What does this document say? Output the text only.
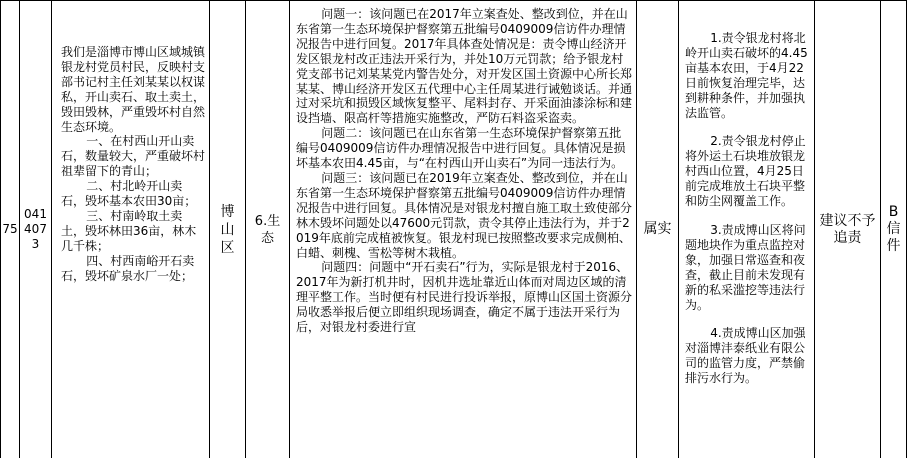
75
0414073

我们是淄博市博山区域城镇银龙村党员村民，反映村支部书记村主任刘某某以权谋私，开山卖石、取土卖土，毁田毁林，严重毁坏村自然生态环境。

一、在村西山开山卖石，数量较大，严重破坏村祖辈留下的青山；

二、村北岭开山卖石，毁坏基本农田30亩；

三、村南岭取土卖土，毁坏林田36亩，林木几千株；

四、村西南峪开石卖石，毁坏矿泉水厂一处；

博山区
6.生态

问题一：该问题已在2017年立案查处、整改到位，并在山东省第一生态环境保护督察第五批编号0409009信访件办理情况报告中进行回复。2017年具体查处情况是：责令博山经济开发区银龙村改正违法开采行为，并处10万元罚款；给予银龙村党支部书记刘某某党内警告处分，对开发区国土资源中心所长郑某某、博山经济开发区五代理中心主任周某进行诫勉谈话。并通过对采坑和损毁区域恢复整平、尾料封存、开采面油漆涂标和建设挡墙、限高杆等措施实施整改，严防石料盗采盗卖。

问题二：该问题已在山东省第一生态环境保护督察第五批编号0409009信访件办理情况报告中进行回复。具体情况是损坏基本农田4.45亩，与“在村西山开山卖石”为同一违法行为。

问题三：该问题已在2019年立案查处、整改到位，并在山东省第一生态环境保护督察第五批编号0409009信访件办理情况报告中进行回复。具体情况是对银龙村擅自施工取土致使部分林木毁坏问题处以47600元罚款，责令其停止违法行为，并于2019年底前完成植被恢复。银龙村现已按照整改要求完成侧柏、白蜡、刺槐、雪松等树木栽植。

问题四：问题中“开石卖石”行为，实际是银龙村于2016、2017年为新打机井时，因机井选址靠近山体而对周边区域的清理平整工作。当时便有村民进行投诉举报，原博山区国土资源分局收悉举报后便立即组织现场调查，确定不属于违法开采行为后，对银龙村委进行宣

属实

1.责令银龙村将北岭开山卖石破坏的4.45亩基本农田，于4月22日前恢复治理完毕，达到耕种条件，并加强执法监管。

2.责令银龙村停止将外运土石块堆放银龙村西山位置，4月25日前完成堆放土石块平整和防尘网覆盖工作。

3.责成博山区将问题地块作为重点监控对象，加强日常巡查和夜查，截止目前未发现有新的私采滥挖等违法行为。

4.责成博山区加强对淄博沣泰纸业有限公司的监管力度，严禁偷排污水行为。

建议不予追责
B信件
